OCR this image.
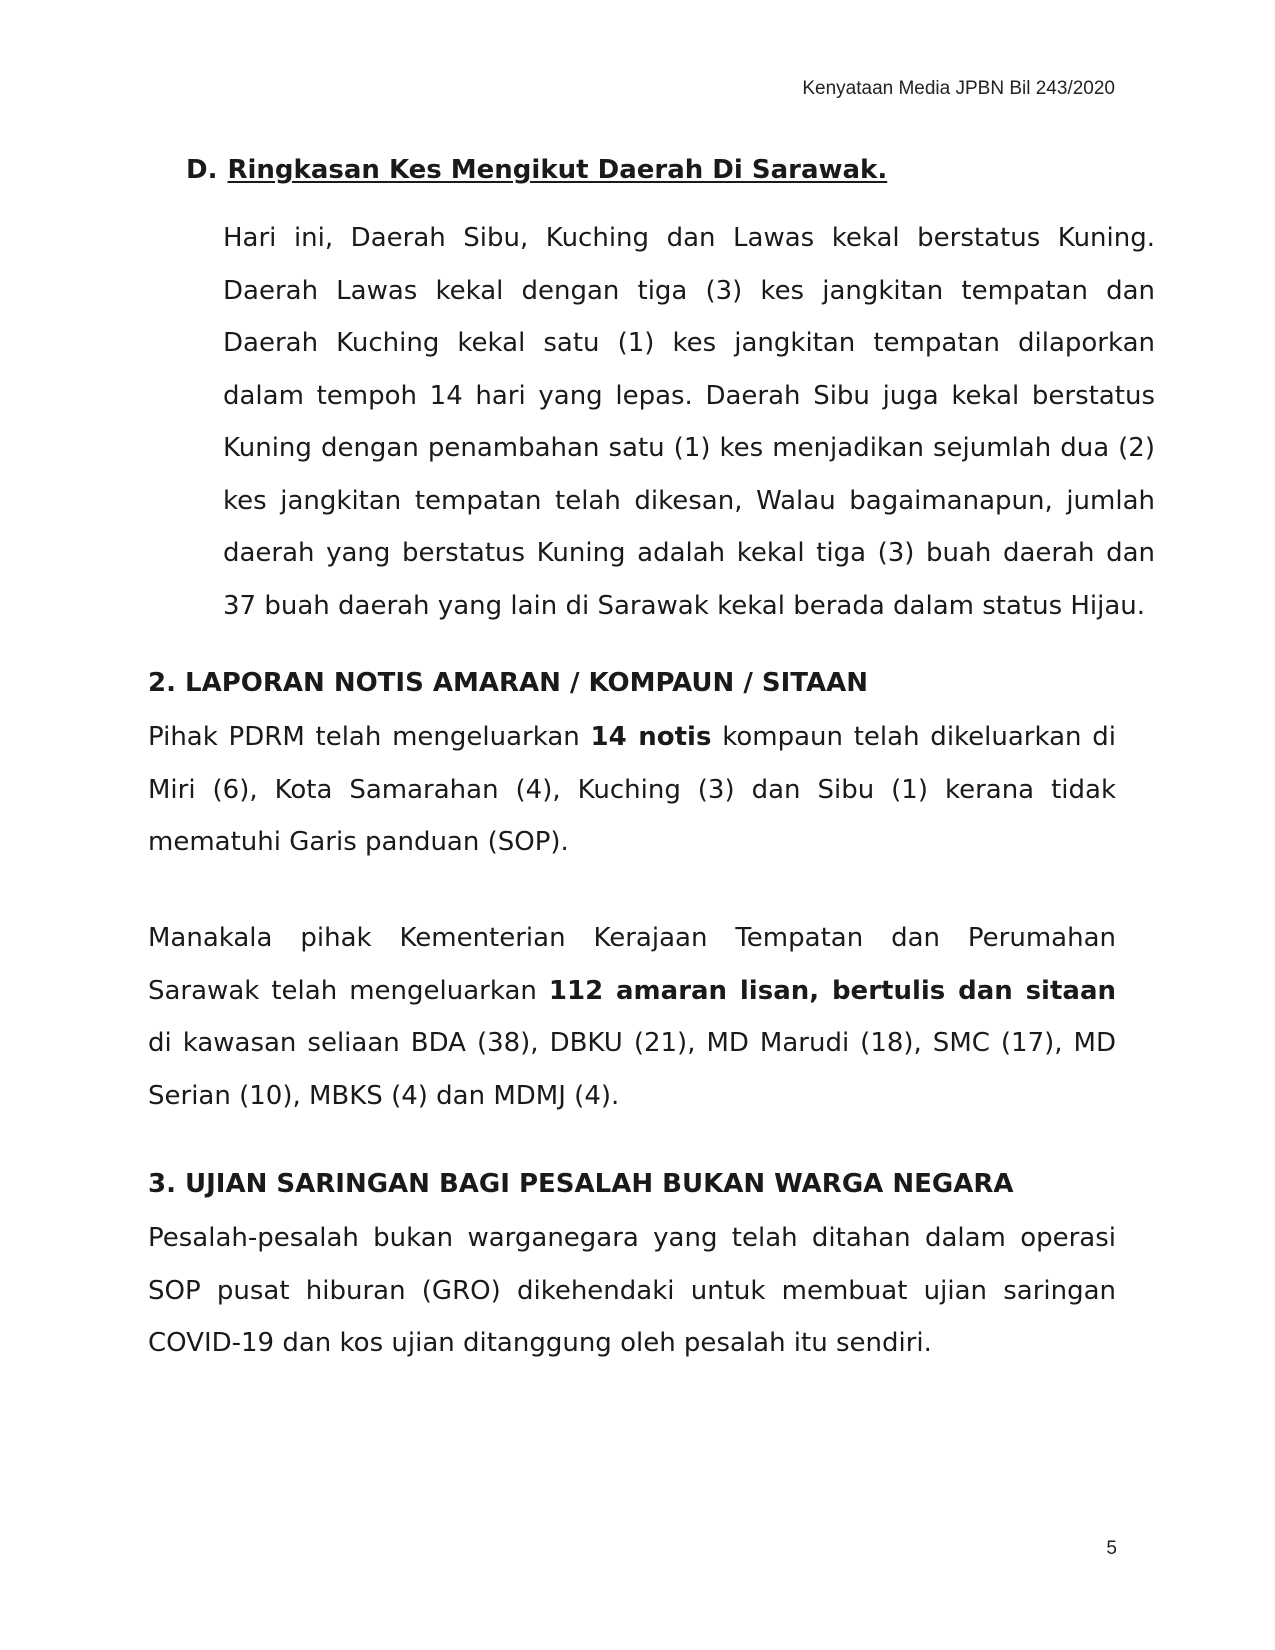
Kenyataan Media JPBN Bil 243/2020
D. Ringkasan Kes Mengikut Daerah Di Sarawak.

Hari ini, Daerah Sibu, Kuching dan Lawas kekal berstatus Kuning. Daerah Lawas kekal dengan tiga (3) kes jangkitan tempatan dan Daerah Kuching kekal satu (1) kes jangkitan tempatan dilaporkan dalam tempoh 14 hari yang lepas. Daerah Sibu juga kekal berstatus Kuning dengan penambahan satu (1) kes menjadikan sejumlah dua (2) kes jangkitan tempatan telah dikesan, Walau bagaimanapun, jumlah daerah yang berstatus Kuning adalah kekal tiga (3) buah daerah dan 37 buah daerah yang lain di Sarawak kekal berada dalam status Hijau.

2. LAPORAN NOTIS AMARAN / KOMPAUN / SITAAN

Pihak PDRM telah mengeluarkan 14 notis kompaun telah dikeluarkan di Miri (6), Kota Samarahan (4), Kuching (3) dan Sibu (1) kerana tidak mematuhi Garis panduan (SOP).

Manakala pihak Kementerian Kerajaan Tempatan dan Perumahan Sarawak telah mengeluarkan 112 amaran lisan, bertulis dan sitaan di kawasan seliaan BDA (38), DBKU (21), MD Marudi (18), SMC (17), MD Serian (10), MBKS (4) dan MDMJ (4).

3. UJIAN SARINGAN BAGI PESALAH BUKAN WARGA NEGARA

Pesalah-pesalah bukan warganegara yang telah ditahan dalam operasi SOP pusat hiburan (GRO) dikehendaki untuk membuat ujian saringan COVID-19 dan kos ujian ditanggung oleh pesalah itu sendiri.

5
